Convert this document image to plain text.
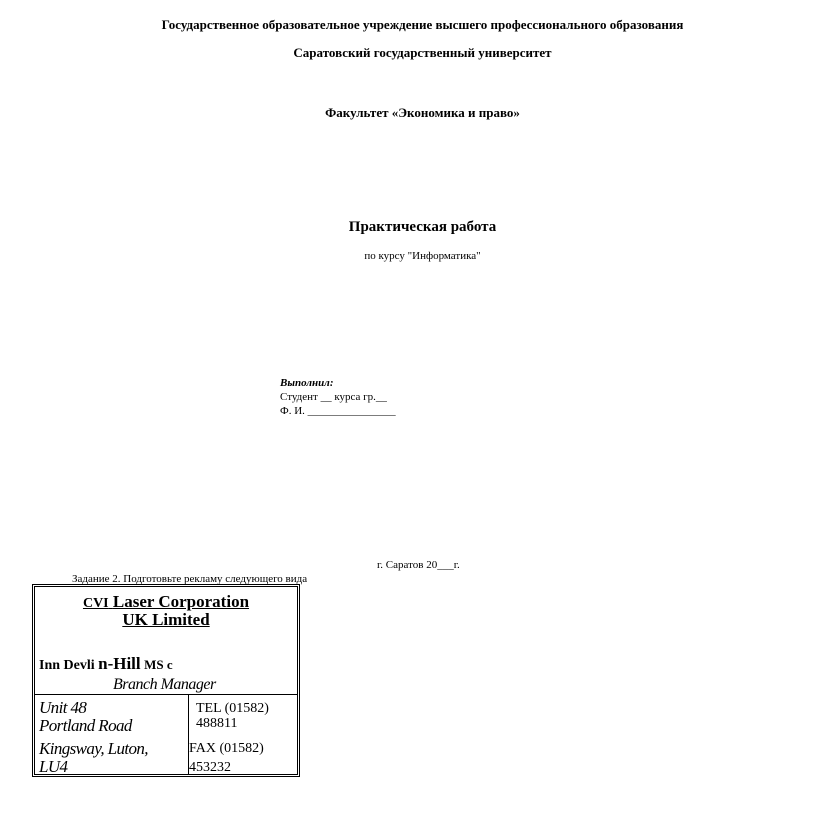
Государственное образовательное учреждение высшего профессионального образования
Саратовский государственный университет
Факультет «Экономика и право»
Практическая работа
по курсу "Информатика"
Выполнил:
Студент __ курса гр.__
Ф. И. ________________
г. Саратов 20___г.
Задание 2. Подготовьте рекламу следующего вида
CVI Laser Corporation
UK Limited
Inn Devli n-Hill MS c
Branch Manager
Unit 48
Portland Road
Kingsway, Luton,
LU4
TEL (01582)
488811
FAX (01582)
453232
